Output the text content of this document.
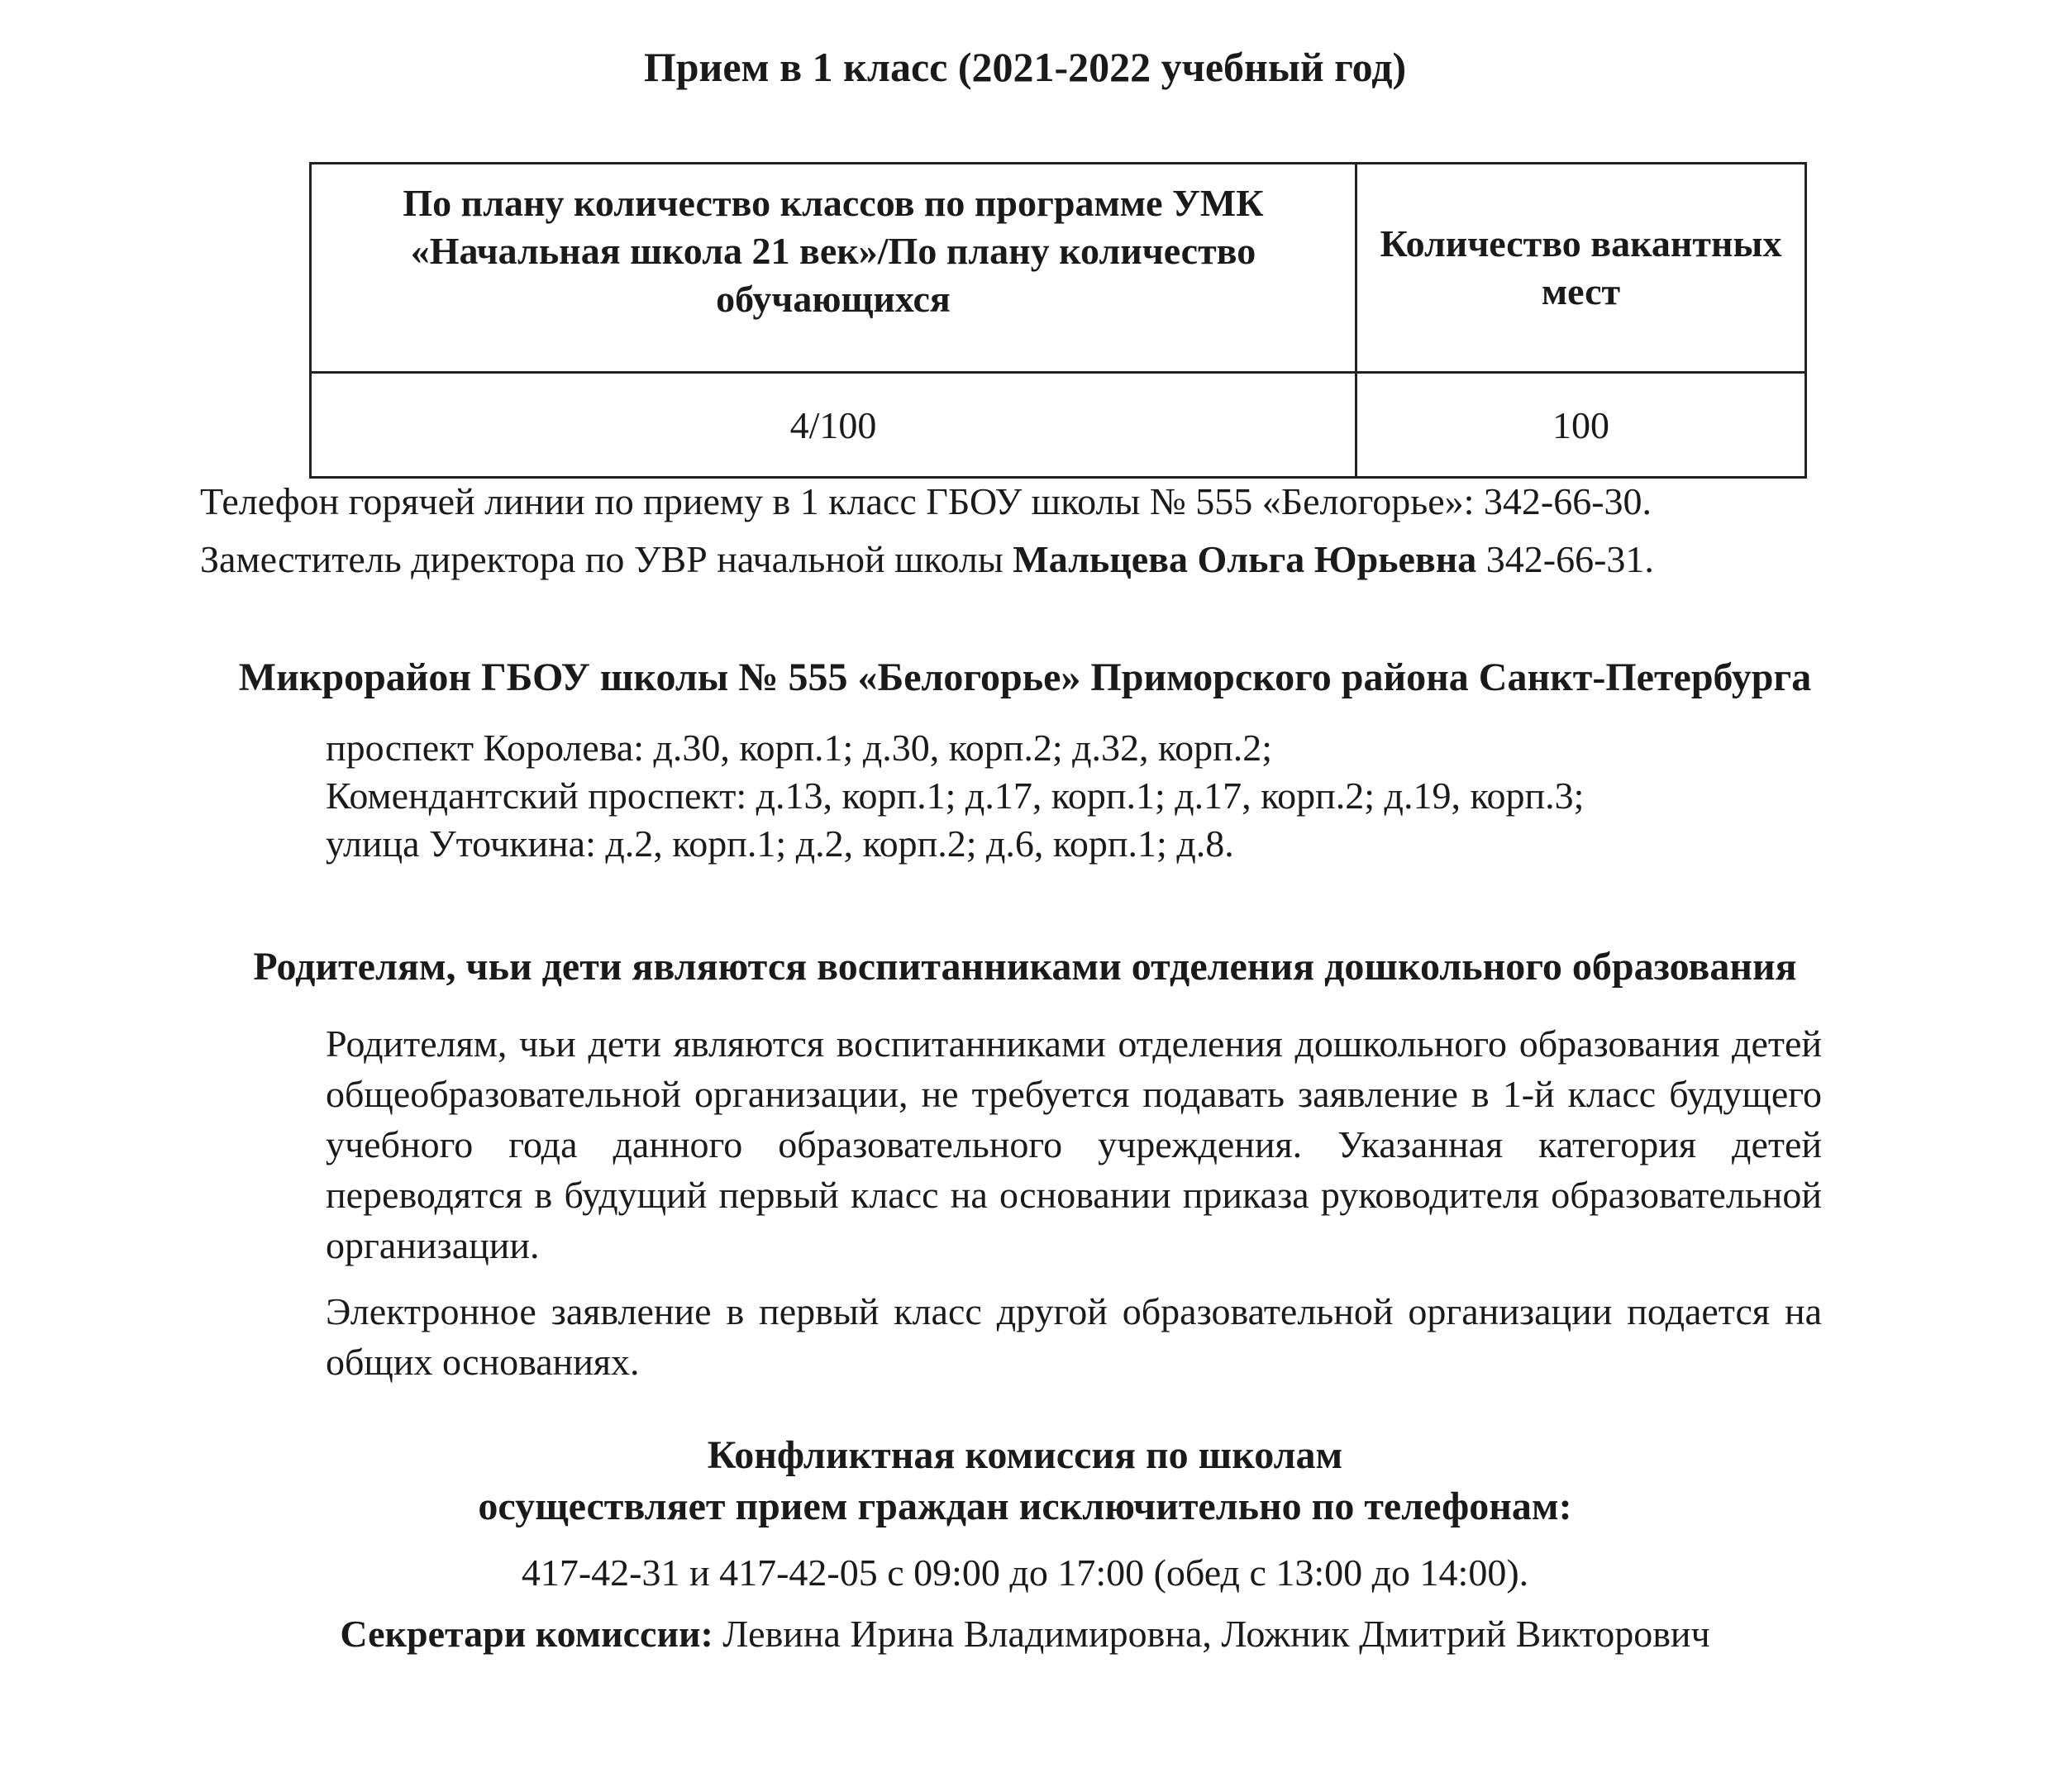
Прием в 1 класс (2021-2022 учебный год)
По плану количество классов по программе УМК «Начальная школа 21 век»/По плану количество обучающихся	Количество вакантных мест
4/100	100
Телефон горячей линии по приему в 1 класс ГБОУ школы № 555 «Белогорье»: 342-66-30.
Заместитель директора по УВР начальной школы Мальцева Ольга Юрьевна 342-66-31.
Микрорайон ГБОУ школы № 555 «Белогорье» Приморского района Санкт-Петербурга
проспект Королева: д.30, корп.1; д.30, корп.2; д.32, корп.2;
Комендантский проспект: д.13, корп.1; д.17, корп.1; д.17, корп.2; д.19, корп.3;
улица Уточкина: д.2, корп.1; д.2, корп.2; д.6, корп.1; д.8.
Родителям, чьи дети являются воспитанниками отделения дошкольного образования
Родителям, чьи дети являются воспитанниками отделения дошкольного образования детей общеобразовательной организации, не требуется подавать заявление в 1-й класс будущего учебного года данного образовательного учреждения. Указанная категория детей переводятся в будущий первый класс на основании приказа руководителя образовательной организации.
Электронное заявление в первый класс другой образовательной организации подается на общих основаниях.
Конфликтная комиссия по школам
осуществляет прием граждан исключительно по телефонам:
417-42-31 и 417-42-05 с 09:00 до 17:00 (обед с 13:00 до 14:00).
Секретари комиссии: Левина Ирина Владимировна, Ложник Дмитрий Викторович
